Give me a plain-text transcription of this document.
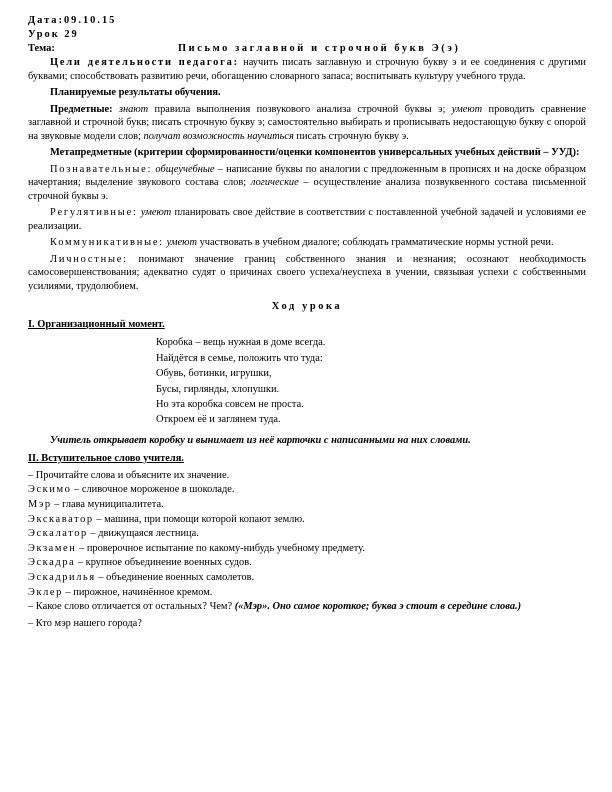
Дата:09.10.15
Урок 29
Тема:	Письмо заглавной и строчной букв Э(э)

Цели деятельности педагога: научить писать заглавную и строчную букву э и ее соединения с другими буквами; способствовать развитию речи, обогащению словарного запаса; воспитывать культуру учебного труда.

Планируемые результаты обучения.

Предметные: знают правила выполнения позвукового анализа строчной буквы э; умеют проводить сравнение заглавной и строчной букв; писать строчную букву э; самостоятельно выбирать и прописывать недостающую букву с опорой на звуковые модели слов; получат возможность научиться писать строчную букву э.

Метапредметные (критерии сформированности/оценки компонентов универсальных учебных действий – УУД):

Познавательные: общеучебные – написание буквы по аналогии с предложенным в прописях и на доске образцом начертания; выделение звукового состава слов; логические – осуществление анализа позвуквенного состава письменной строчной буквы э.

Регулятивные: умеют планировать свое действие в соответствии с поставленной учебной задачей и условиями ее реализации.

Коммуникативные: умеют участвовать в учебном диалоге; соблюдать грамматические нормы устной речи.

Личностные: понимают значение границ собственного знания и незнания; осознают необходимость самосовершенствования; адекватно судят о причинах своего успеха/неуспеха в учении, связывая успехи с собственными усилиями, трудолюбием.

Ход урока

I. Организационный момент.

Коробка – вещь нужная в доме всегда.
Найдётся в семье, положить что туда:
Обувь, ботинки, игрушки,
Бусы, гирлянды, хлопушки.
Но эта коробка совсем не проста.
Откроем её и заглянем туда.

Учитель открывает коробку и вынимает из неё карточки с написанными на них словами.

II. Вступительное слово учителя.

– Прочитайте слова и объясните их значение.
Эскимо – сливочное мороженое в шоколаде.
Мэр – глава муниципалитета.
Экскаватор – машина, при помощи которой копают землю.
Эскалатор – движущаяся лестница.
Экзамен – проверочное испытание по какому-нибудь учебному предмету.
Эскадра – крупное объединение военных судов.
Эскадрилья – объединение военных самолетов.
Эклер – пирожное, начинённое кремом.

– Какое слово отличается от остальных? Чем? («Мэр». Оно самое короткое; буква э стоит в середине слова.)

– Кто мэр нашего города?
